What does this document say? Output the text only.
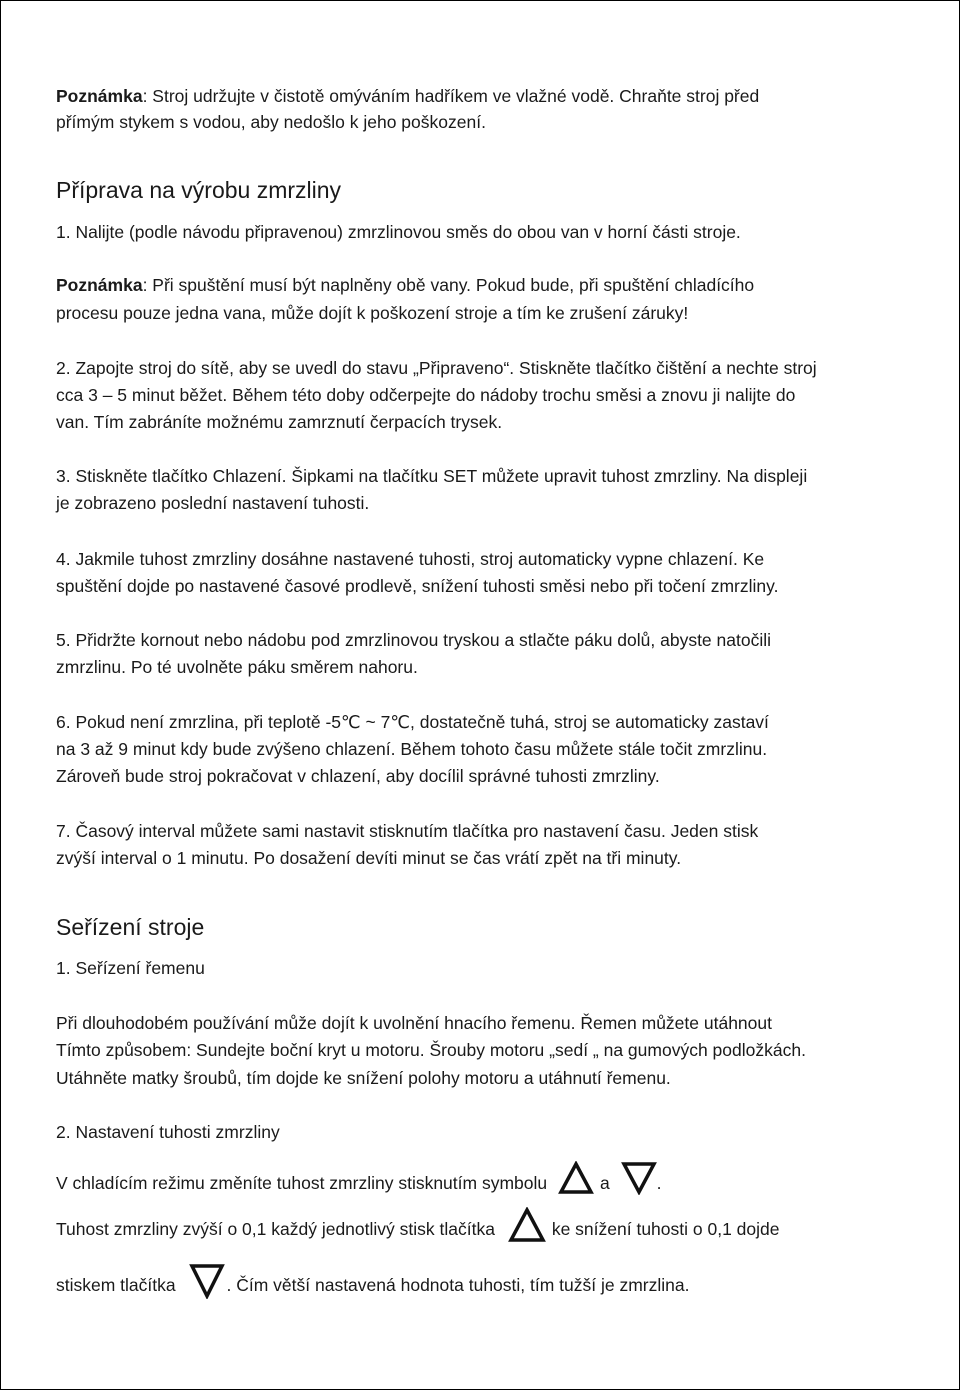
Poznámka: Stroj udržujte v čistotě omýváním hadříkem ve vlažné vodě. Chraňte stroj před

přímým stykem s vodou, aby nedošlo k jeho poškození.

Příprava na výrobu zmrzliny

1. Nalijte (podle návodu připravenou) zmrzlinovou směs do obou van v horní části stroje.

Poznámka: Při spuštění musí být naplněny obě vany. Pokud bude, při spuštění chladícího

procesu pouze jedna vana, může dojít k poškození stroje a tím ke zrušení záruky!

2. Zapojte stroj do sítě, aby se uvedl do stavu „Připraveno“. Stiskněte tlačítko čištění a nechte stroj

cca 3 – 5 minut běžet. Během této doby odčerpejte do nádoby trochu směsi a znovu ji nalijte do

van. Tím zabráníte možnému zamrznutí čerpacích trysek.

3. Stiskněte tlačítko Chlazení. Šipkami na tlačítku SET můžete upravit tuhost zmrzliny. Na displeji

je zobrazeno poslední nastavení tuhosti.

4. Jakmile tuhost zmrzliny dosáhne nastavené tuhosti, stroj automaticky vypne chlazení. Ke

spuštění dojde po nastavené časové prodlevě, snížení tuhosti směsi nebo při točení zmrzliny.

5. Přidržte kornout nebo nádobu pod zmrzlinovou tryskou a stlačte páku dolů, abyste natočili

zmrzlinu. Po té uvolněte páku směrem nahoru.

6. Pokud není zmrzlina, při teplotě -5℃ ~ 7℃, dostatečně tuhá, stroj se automaticky zastaví

na 3 až 9 minut kdy bude zvýšeno chlazení. Během tohoto času můžete stále točit zmrzlinu.

Zároveň bude stroj pokračovat v chlazení, aby docílil správné tuhosti zmrzliny.

7. Časový interval můžete sami nastavit stisknutím tlačítka pro nastavení času. Jeden stisk

zvýší interval o 1 minutu. Po dosažení devíti minut se čas vrátí zpět na tři minuty.

Seřízení stroje

1. Seřízení řemenu

Při dlouhodobém používání může dojít k uvolnění hnacího řemenu. Řemen můžete utáhnout

Tímto způsobem: Sundejte boční kryt u motoru. Šrouby motoru „sedí „ na gumových podložkách.

Utáhněte matky šroubů, tím dojde ke snížení polohy motoru a utáhnutí řemenu.

2. Nastavení tuhosti zmrzliny

V chladícím režimu změníte tuhost zmrzliny stisknutím symbolu	a	.

Tuhost zmrzliny zvýší o 0,1 každý jednotlivý stisk tlačítka	ke snížení tuhosti o 0,1 dojde

stiskem tlačítka	. Čím větší nastavená hodnota tuhosti, tím tužší je zmrzlina.
